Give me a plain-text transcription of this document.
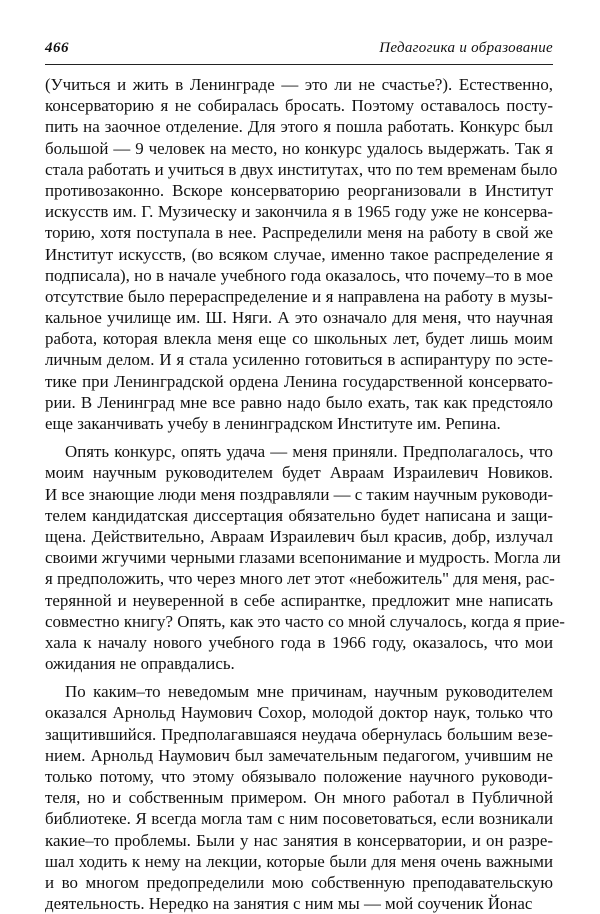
466	Педагогика и образование
(Учиться и жить в Ленинграде — это ли не счастье?). Естественно,
консерваторию я не собиралась бросать. Поэтому оставалось посту-
пить на заочное отделение. Для этого я пошла работать. Конкурс был
большой — 9 человек на место, но конкурс удалось выдержать. Так я
стала работать и учиться в двух институтах, что по тем временам было
противозаконно. Вскоре консерваторию реорганизовали в Институт
искусств им. Г. Музическу и закончила я в 1965 году уже не консерва-
торию, хотя поступала в нее. Распределили меня на работу в свой же
Институт искусств, (во всяком случае, именно такое распределение я
подписала), но в начале учебного года оказалось, что почему–то в мое
отсутствие было перераспределение и я направлена на работу в музы-
кальное училище им. Ш. Няги. А это означало для меня, что научная
работа, которая влекла меня еще со школьных лет, будет лишь моим
личным делом. И я стала усиленно готовиться в аспирантуру по эсте-
тике при Ленинградской ордена Ленина государственной консервато-
рии. В Ленинград мне все равно надо было ехать, так как предстояло
еще заканчивать учебу в ленинградском Институте им. Репина.
Опять конкурс, опять удача — меня приняли. Предполагалось, что
моим научным руководителем будет Авраам Израилевич Новиков.
И все знающие люди меня поздравляли — с таким научным руководи-
телем кандидатская диссертация обязательно будет написана и защи-
щена. Действительно, Авраам Израилевич был красив, добр, излучал
своими жгучими черными глазами всепонимание и мудрость. Могла ли
я предположить, что через много лет этот «небожитель" для меня, рас-
терянной и неуверенной в себе аспирантке, предложит мне написать
совместно книгу? Опять, как это часто со мной случалось, когда я прие-
хала к началу нового учебного года в 1966 году, оказалось, что мои
ожидания не оправдались.
По каким–то неведомым мне причинам, научным руководителем
оказался Арнольд Наумович Сохор, молодой доктор наук, только что
защитившийся. Предполагавшаяся неудача обернулась большим везе-
нием. Арнольд Наумович был замечательным педагогом, учившим не
только потому, что этому обязывало положение научного руководи-
теля, но и собственным примером. Он много работал в Публичной
библиотеке. Я всегда могла там с ним посоветоваться, если возникали
какие–то проблемы. Были у нас занятия в консерватории, и он разре-
шал ходить к нему на лекции, которые были для меня очень важными
и во многом предопределили мою собственную преподавательскую
деятельность. Нередко на занятия с ним мы — мой соученик Йонас
